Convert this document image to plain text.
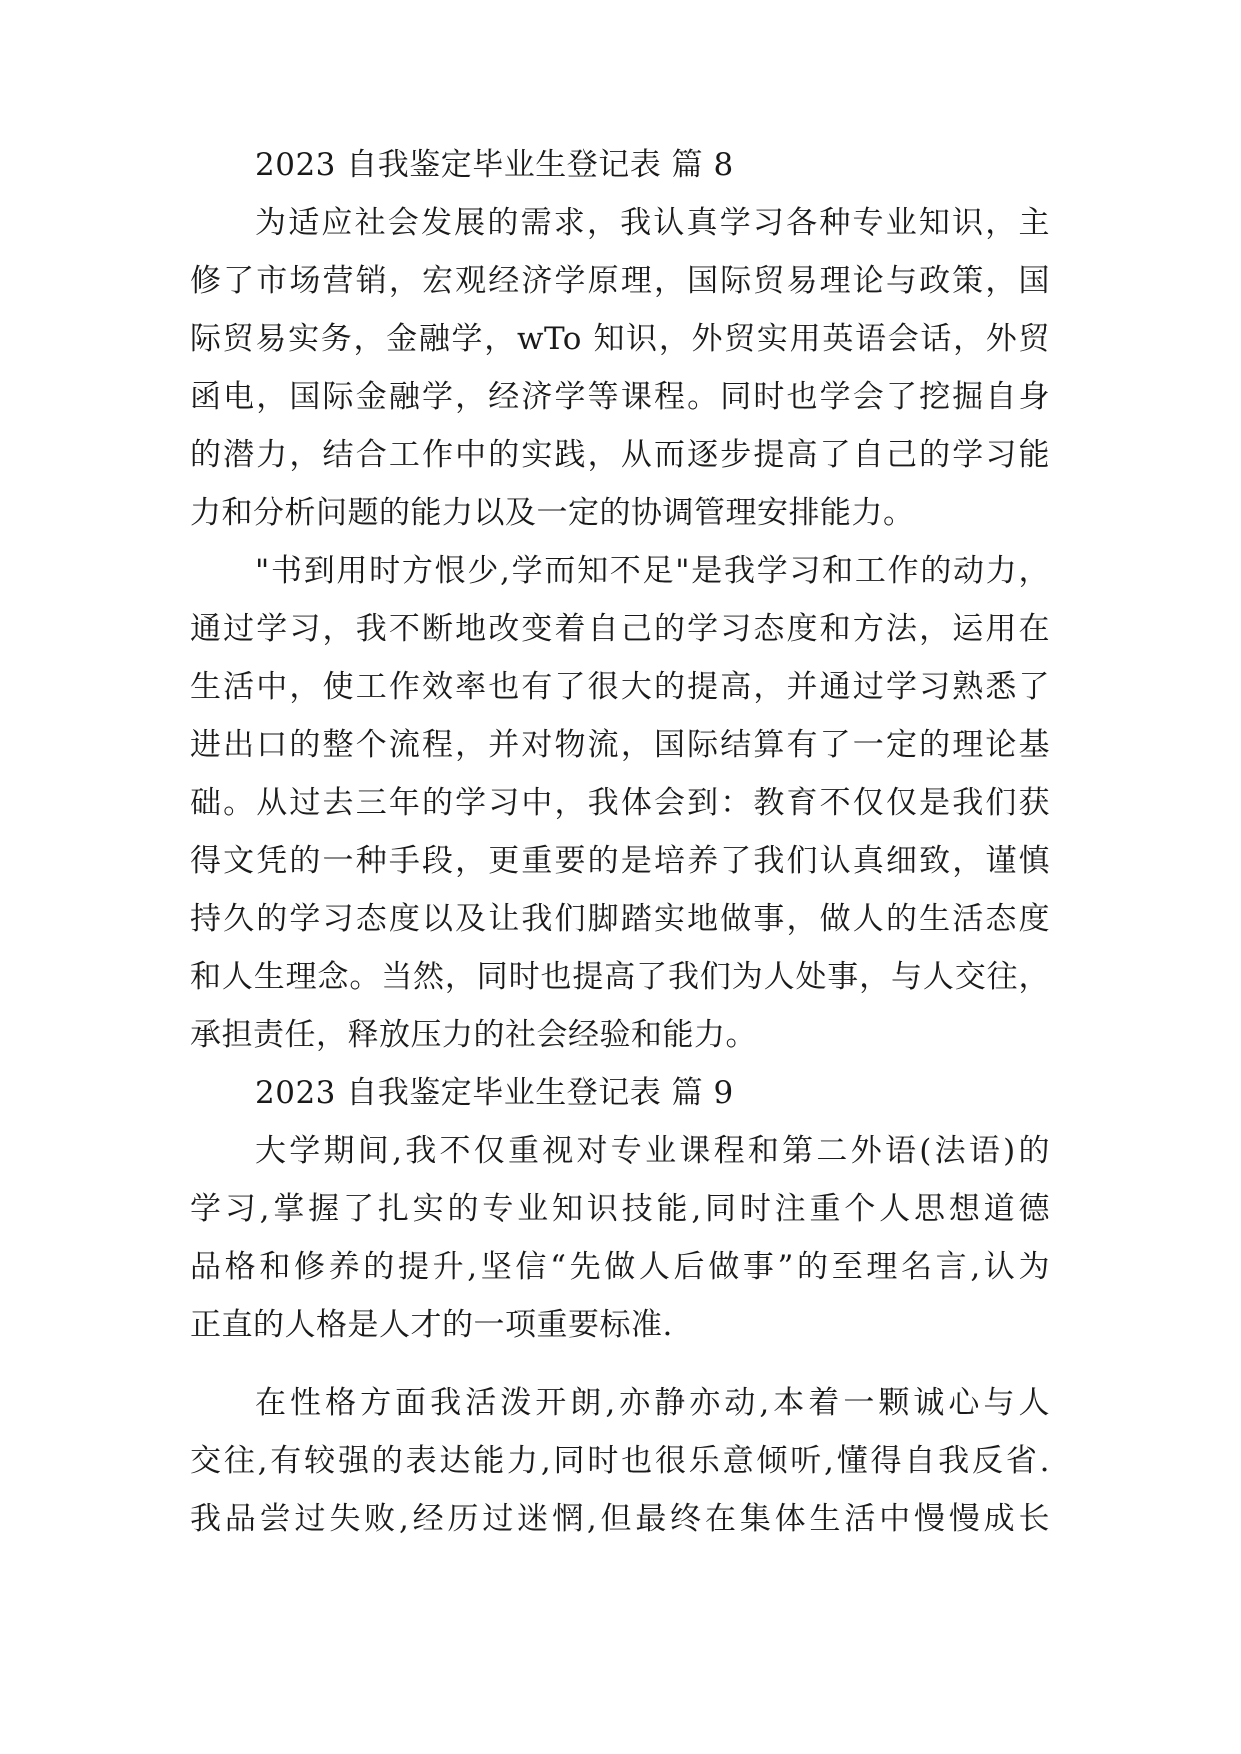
2023 自我鉴定毕业生登记表 篇 8
为适应社会发展的需求，我认真学习各种专业知识，主
修了市场营销，宏观经济学原理，国际贸易理论与政策，国
际贸易实务，金融学，wTo 知识，外贸实用英语会话，外贸
函电，国际金融学，经济学等课程。同时也学会了挖掘自身
的潜力，结合工作中的实践，从而逐步提高了自己的学习能
力和分析问题的能力以及一定的协调管理安排能力。
"书到用时方恨少,学而知不足"是我学习和工作的动力，
通过学习，我不断地改变着自己的学习态度和方法，运用在
生活中，使工作效率也有了很大的提高，并通过学习熟悉了
进出口的整个流程，并对物流，国际结算有了一定的理论基
础。从过去三年的学习中，我体会到：教育不仅仅是我们获
得文凭的一种手段，更重要的是培养了我们认真细致，谨慎
持久的学习态度以及让我们脚踏实地做事，做人的生活态度
和人生理念。当然，同时也提高了我们为人处事，与人交往，
承担责任，释放压力的社会经验和能力。
2023 自我鉴定毕业生登记表 篇 9
大学期间,我不仅重视对专业课程和第二外语(法语)的
学习,掌握了扎实的专业知识技能,同时注重个人思想道德
品格和修养的提升,坚信“先做人后做事”的至理名言,认为
正直的人格是人才的一项重要标准.
在性格方面我活泼开朗,亦静亦动,本着一颗诚心与人
交往,有较强的表达能力,同时也很乐意倾听,懂得自我反省.
我品尝过失败,经历过迷惘,但最终在集体生活中慢慢成长
